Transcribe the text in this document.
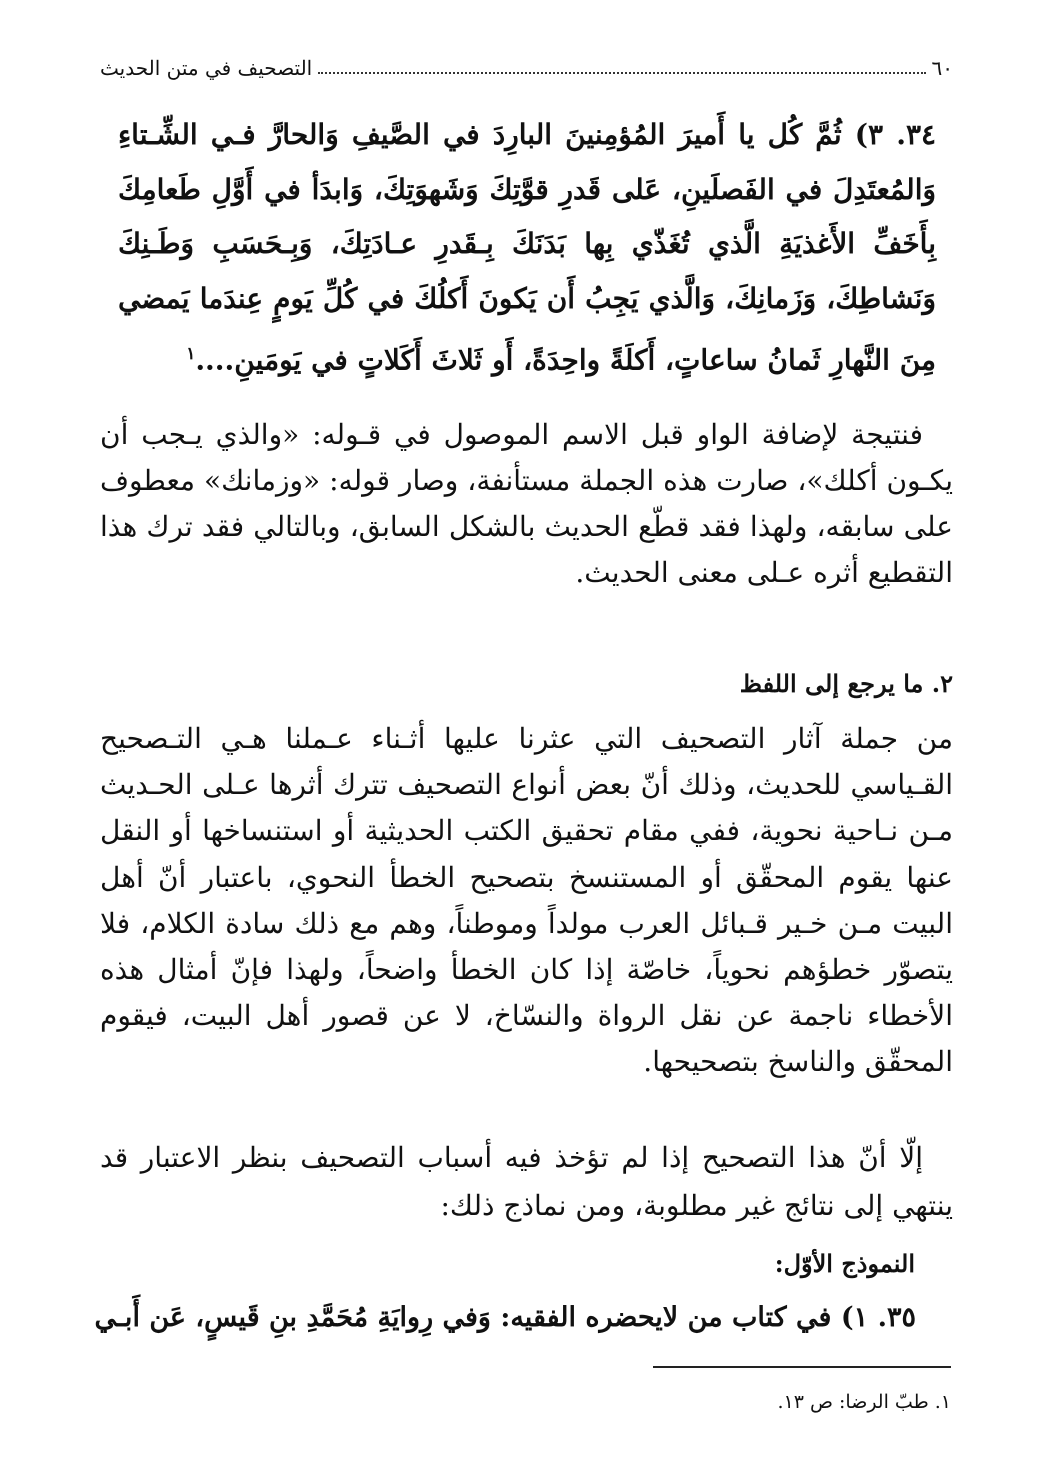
٦٠
التصحيف في متن الحديث
٣٤. ٣) ثُمَّ كُل يا أَميرَ المُؤمِنينَ البارِدَ في الصَّيفِ وَالحارَّ فـي الشِّـتاءِ وَالمُعتَدِلَ في الفَصلَينِ، عَلى قَدرِ قوَّتِكَ وَشَهوَتِكَ، وَابدَأ في أَوَّلِ طَعامِكَ بِأَخَفِّ الأَغذيَةِ الَّذي تُغَذّي بِها بَدَنَكَ بِـقَدرِ عـادَتِكَ، وَبِـحَسَبِ وَطَـنِكَ وَنَشاطِكَ، وَزَمانِكَ، وَالَّذي يَجِبُ أَن يَكونَ أَكلُكَ في كُلِّ يَومٍ عِندَما يَمضي مِنَ النَّهارِ ثَمانُ ساعاتٍ، أَكلَةً واحِدَةً، أَو ثَلاثَ أَكَلاتٍ في يَومَينِ....$^١$
فنتيجة لإضافة الواو قبل الاسم الموصول في قـوله: «والذي يـجب أن يكـون أكلك»، صارت هذه الجملة مستأنفة، وصار قوله: «وزمانك» معطوف على سابقه، ولهذا فقد قطّع الحديث بالشكل السابق، وبالتالي فقد ترك هذا التقطيع أثره عـلى معنى الحديث.
٢. ما يرجع إلى اللفظ
من جملة آثار التصحيف التي عثرنا عليها أثـناء عـملنا هـي التـصحيح القـياسي للحديث، وذلك أنّ بعض أنواع التصحيف تترك أثرها عـلى الحـديث مـن نـاحية نحوية، ففي مقام تحقيق الكتب الحديثية أو استنساخها أو النقل عنها يقوم المحقّق أو المستنسخ بتصحيح الخطأ النحوي، باعتبار أنّ أهل البيت مـن خـير قـبائل العرب مولداً وموطناً، وهم مع ذلك سادة الكلام، فلا يتصوّر خطؤهم نحوياً، خاصّة إذا كان الخطأ واضحاً، ولهذا فإنّ أمثال هذه الأخطاء ناجمة عن نقل الرواة والنسّاخ، لا عن قصور أهل البيت، فيقوم المحقّق والناسخ بتصحيحها.
إلّا أنّ هذا التصحيح إذا لم تؤخذ فيه أسباب التصحيف بنظر الاعتبار قد ينتهي إلى نتائج غير مطلوبة، ومن نماذج ذلك:
النموذج الأوّل:
٣٥. ١) في كتاب من لايحضره الفقيه: وَفي رِوايَةِ مُحَمَّدِ بنِ قَيسٍ، عَن أَبـي
١. طبّ الرضا: ص ١٣.
